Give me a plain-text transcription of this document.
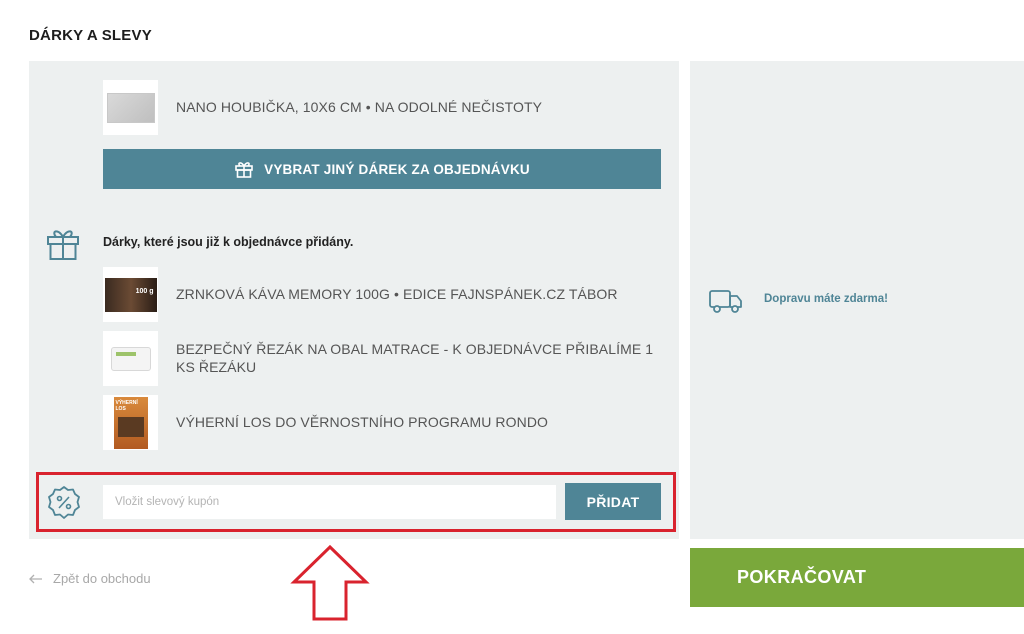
DÁRKY A SLEVY
NANO HOUBIČKA, 10X6 CM • NA ODOLNÉ NEČISTOTY
VYBRAT JINÝ DÁREK ZA OBJEDNÁVKU
Dárky, které jsou již k objednávce přidány.
100 g ZRNKOVÁ KÁVA MEMORY 100G • EDICE FAJNSPÁNEK.CZ TÁBOR
BEZPEČNÝ ŘEZÁK NA OBAL MATRACE - K OBJEDNÁVCE PŘIBALÍME 1 KS ŘEZÁKU
VÝHERNÍ LOS
VÝHERNÍ LOS DO VĚRNOSTNÍHO PROGRAMU RONDO
Vložit slevový kupón
PŘIDAT
Dopravu máte zdarma!
Zpět do obchodu	POKRAČOVAT
